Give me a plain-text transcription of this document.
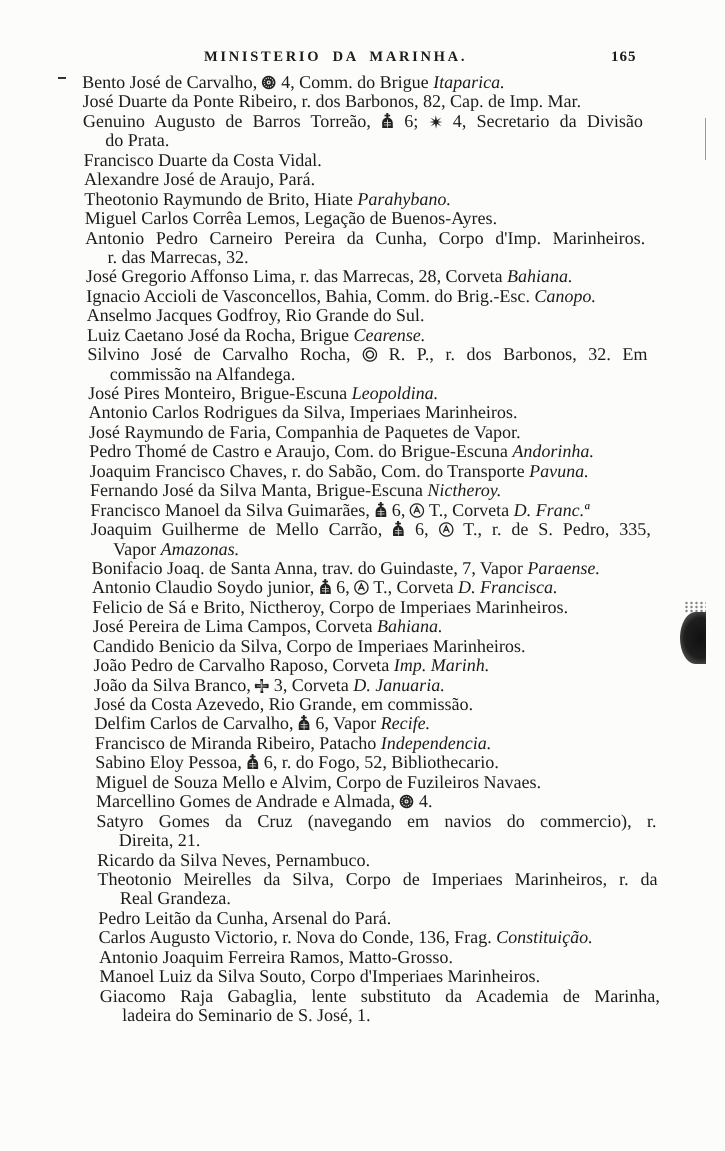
MINISTERIO DA MARINHA.	165
Bento José de Carvalho,
4, Comm. do Brigue Itaparica.
José Duarte da Ponte Ribeiro, r. dos Barbonos, 82, Cap. de Imp. Mar.
Genuino Augusto de Barros Torreão,
6;
4, Secretario da Divisão
do Prata.
Francisco Duarte da Costa Vidal.
Alexandre José de Araujo, Pará.
Theotonio Raymundo de Brito, Hiate Parahybano.
Miguel Carlos Corrêa Lemos, Legação de Buenos-Ayres.
Antonio Pedro Carneiro Pereira da Cunha, Corpo d'Imp. Marinheiros.
r. das Marrecas, 32.
José Gregorio Affonso Lima, r. das Marrecas, 28, Corveta Bahiana.
Ignacio Accioli de Vasconcellos, Bahia, Comm. do Brig.-Esc. Canopo.
Anselmo Jacques Godfroy, Rio Grande do Sul.
Luiz Caetano José da Rocha, Brigue Cearense.
Silvino José de Carvalho Rocha,
R. P., r. dos Barbonos, 32. Em
commissão na Alfandega.
José Pires Monteiro, Brigue-Escuna Leopoldina.
Antonio Carlos Rodrigues da Silva, Imperiaes Marinheiros.
José Raymundo de Faria, Companhia de Paquetes de Vapor.
Pedro Thomé de Castro e Araujo, Com. do Brigue-Escuna Andorinha.
Joaquim Francisco Chaves, r. do Sabão, Com. do Transporte Pavuna.
Fernando José da Silva Manta, Brigue-Escuna Nictheroy.
Francisco Manoel da Silva Guimarães,
6,
T., Corveta D. Franc.ª
Joaquim Guilherme de Mello Carrão,
6,
T., r. de S. Pedro, 335,
Vapor Amazonas.
Bonifacio Joaq. de Santa Anna, trav. do Guindaste, 7, Vapor Paraense.
Antonio Claudio Soydo junior,
6,
T., Corveta D. Francisca.
Felicio de Sá e Brito, Nictheroy, Corpo de Imperiaes Marinheiros.
José Pereira de Lima Campos, Corveta Bahiana.
Candido Benicio da Silva, Corpo de Imperiaes Marinheiros.
João Pedro de Carvalho Raposo, Corveta Imp. Marinh.
João da Silva Branco,
3, Corveta D. Januaria.
José da Costa Azevedo, Rio Grande, em commissão.
Delfim Carlos de Carvalho,
6, Vapor Recife.
Francisco de Miranda Ribeiro, Patacho Independencia.
Sabino Eloy Pessoa,
6, r. do Fogo, 52, Bibliothecario.
Miguel de Souza Mello e Alvim, Corpo de Fuzileiros Navaes.
Marcellino Gomes de Andrade e Almada,
4.
Satyro Gomes da Cruz (navegando em navios do commercio), r.
Direita, 21.
Ricardo da Silva Neves, Pernambuco.
Theotonio Meirelles da Silva, Corpo de Imperiaes Marinheiros, r. da
Real Grandeza.
Pedro Leitão da Cunha, Arsenal do Pará.
Carlos Augusto Victorio, r. Nova do Conde, 136, Frag. Constituição.
Antonio Joaquim Ferreira Ramos, Matto-Grosso.
Manoel Luiz da Silva Souto, Corpo d'Imperiaes Marinheiros.
Giacomo Raja Gabaglia, lente substituto da Academia de Marinha,
ladeira do Seminario de S. José, 1.
